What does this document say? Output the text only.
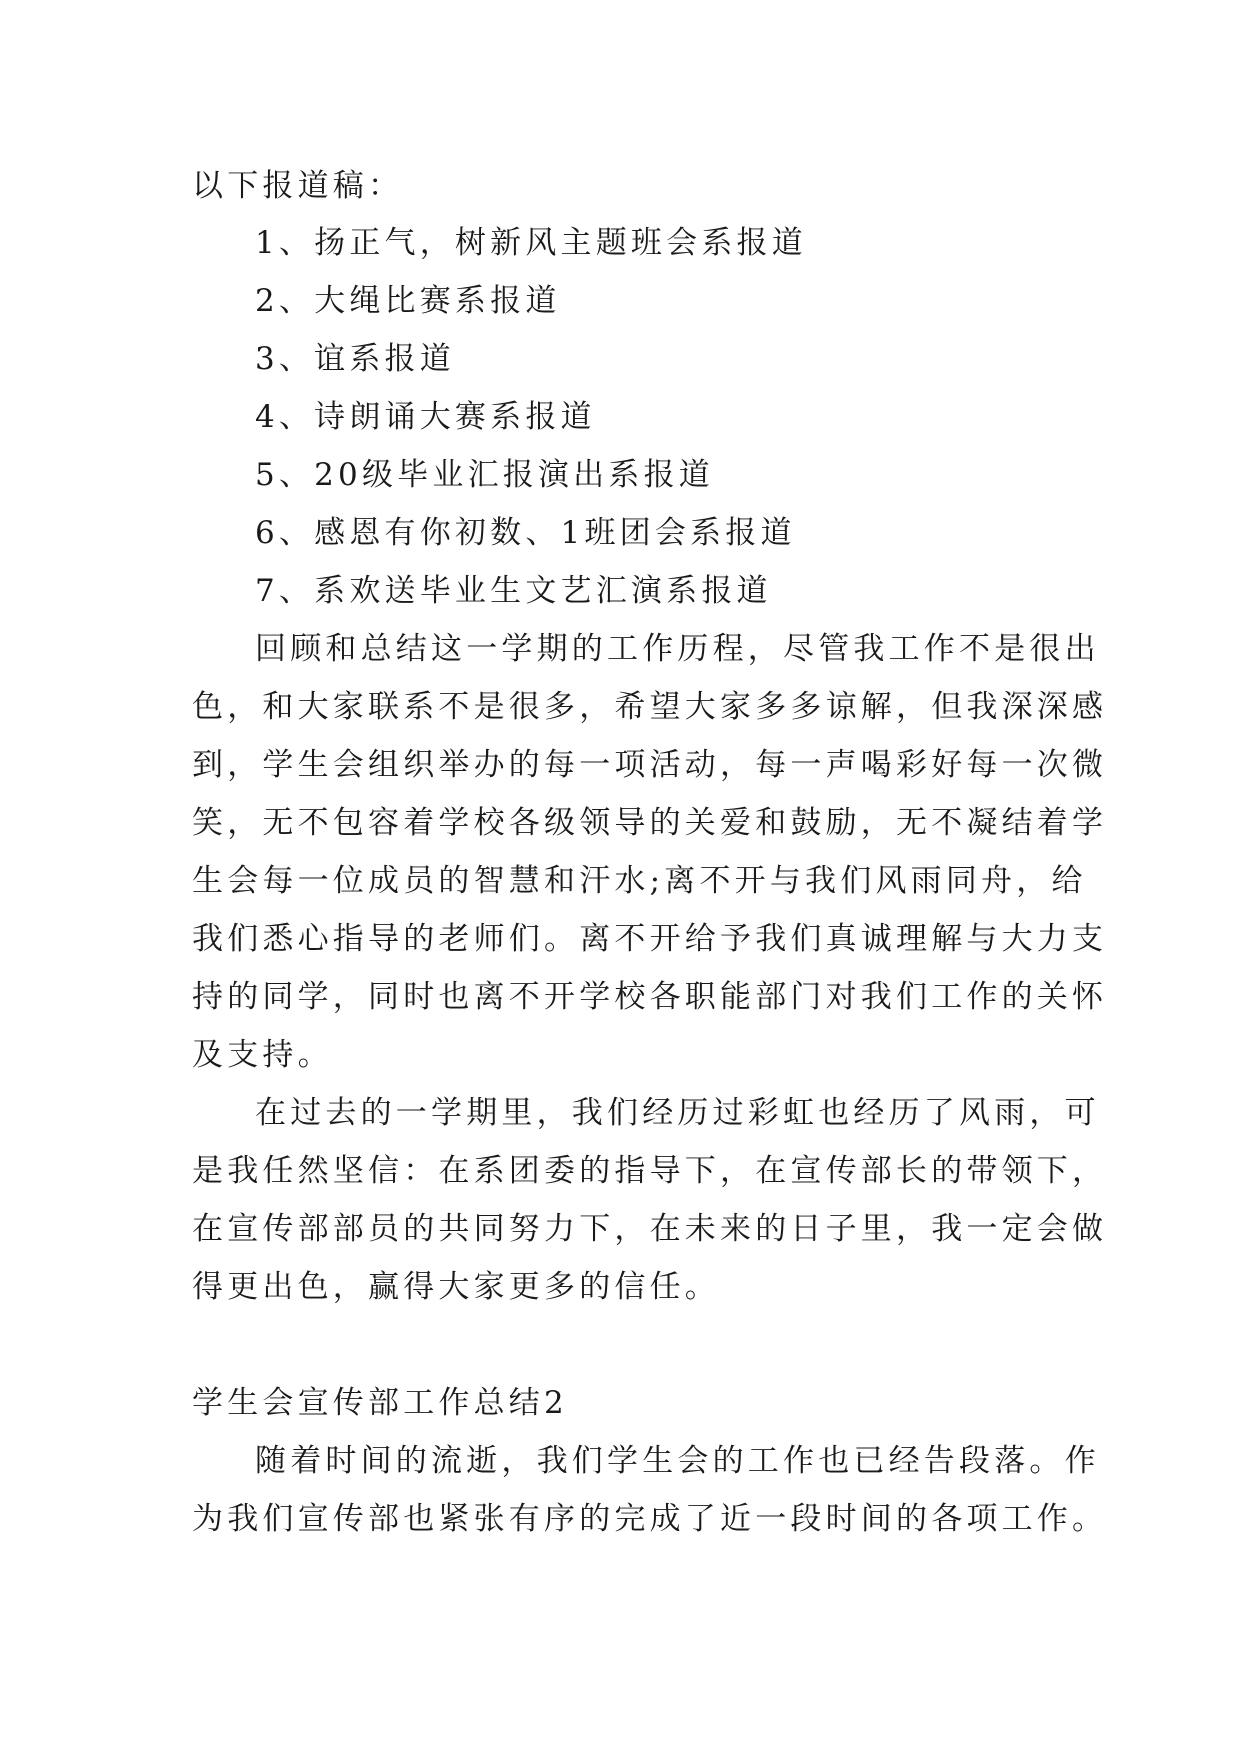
以下报道稿：
1、扬正气，树新风主题班会系报道
2、大绳比赛系报道
3、谊系报道
4、诗朗诵大赛系报道
5、20级毕业汇报演出系报道
6、感恩有你初数、1班团会系报道
7、系欢送毕业生文艺汇演系报道
回顾和总结这一学期的工作历程，尽管我工作不是很出
色，和大家联系不是很多，希望大家多多谅解，但我深深感
到，学生会组织举办的每一项活动，每一声喝彩好每一次微
笑，无不包容着学校各级领导的关爱和鼓励，无不凝结着学
生会每一位成员的智慧和汗水;离不开与我们风雨同舟，给
我们悉心指导的老师们。离不开给予我们真诚理解与大力支
持的同学，同时也离不开学校各职能部门对我们工作的关怀
及支持。
在过去的一学期里，我们经历过彩虹也经历了风雨，可
是我任然坚信：在系团委的指导下，在宣传部长的带领下，
在宣传部部员的共同努力下，在未来的日子里，我一定会做
得更出色，赢得大家更多的信任。
学生会宣传部工作总结2
随着时间的流逝，我们学生会的工作也已经告段落。作
为我们宣传部也紧张有序的完成了近一段时间的各项工作。
